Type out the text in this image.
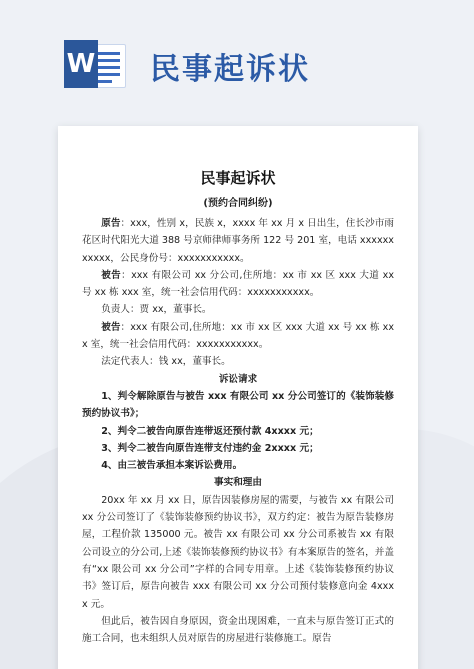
W 民事起诉状
民事起诉状
(预约合同纠纷)
原告：xxx，性别 x，民族 x，xxxx 年 xx 月 x 日出生，住长沙市雨花区时代阳光大道 388 号京师律师事务所 122 号 201 室，电话 xxxxxxxxxxx，公民身份号：xxxxxxxxxxx。
被告：xxx 有限公司 xx 分公司,住所地：xx 市 xx 区 xxx 大道 xx 号 xx 栋 xxx 室，统一社会信用代码：xxxxxxxxxxx。
负责人：贾 xx，董事长。
被告：xxx 有限公司,住所地：xx 市 xx 区 xxx 大道 xx 号 xx 栋 xxx 室，统一社会信用代码：xxxxxxxxxxx。
法定代表人：钱 xx，董事长。
诉讼请求
1、判令解除原告与被告 xxx 有限公司 xx 分公司签订的《装饰装修预约协议书》；
2、判令二被告向原告连带返还预付款 4xxxx 元；
3、判令二被告向原告连带支付违约金 2xxxx 元；
4、由三被告承担本案诉讼费用。
事实和理由
20xx 年 xx 月 xx 日，原告因装修房屋的需要，与被告 xx 有限公司 xx 分公司签订了《装饰装修预约协议书》，双方约定：被告为原告装修房屋，工程价款 135000 元。被告 xx 有限公司 xx 分公司系被告 xx 有限公司设立的分公司,上述《装饰装修预约协议书》有本案原告的签名，并盖有“xx 限公司 xx 分公司”字样的合同专用章。上述《装饰装修预约协议书》签订后，原告向被告 xxx 有限公司 xx 分公司预付装修意向金 4xxxx 元。
但此后，被告因自身原因，资金出现困难，一直未与原告签订正式的施工合同，也未组织人员对原告的房屋进行装修施工。原告
